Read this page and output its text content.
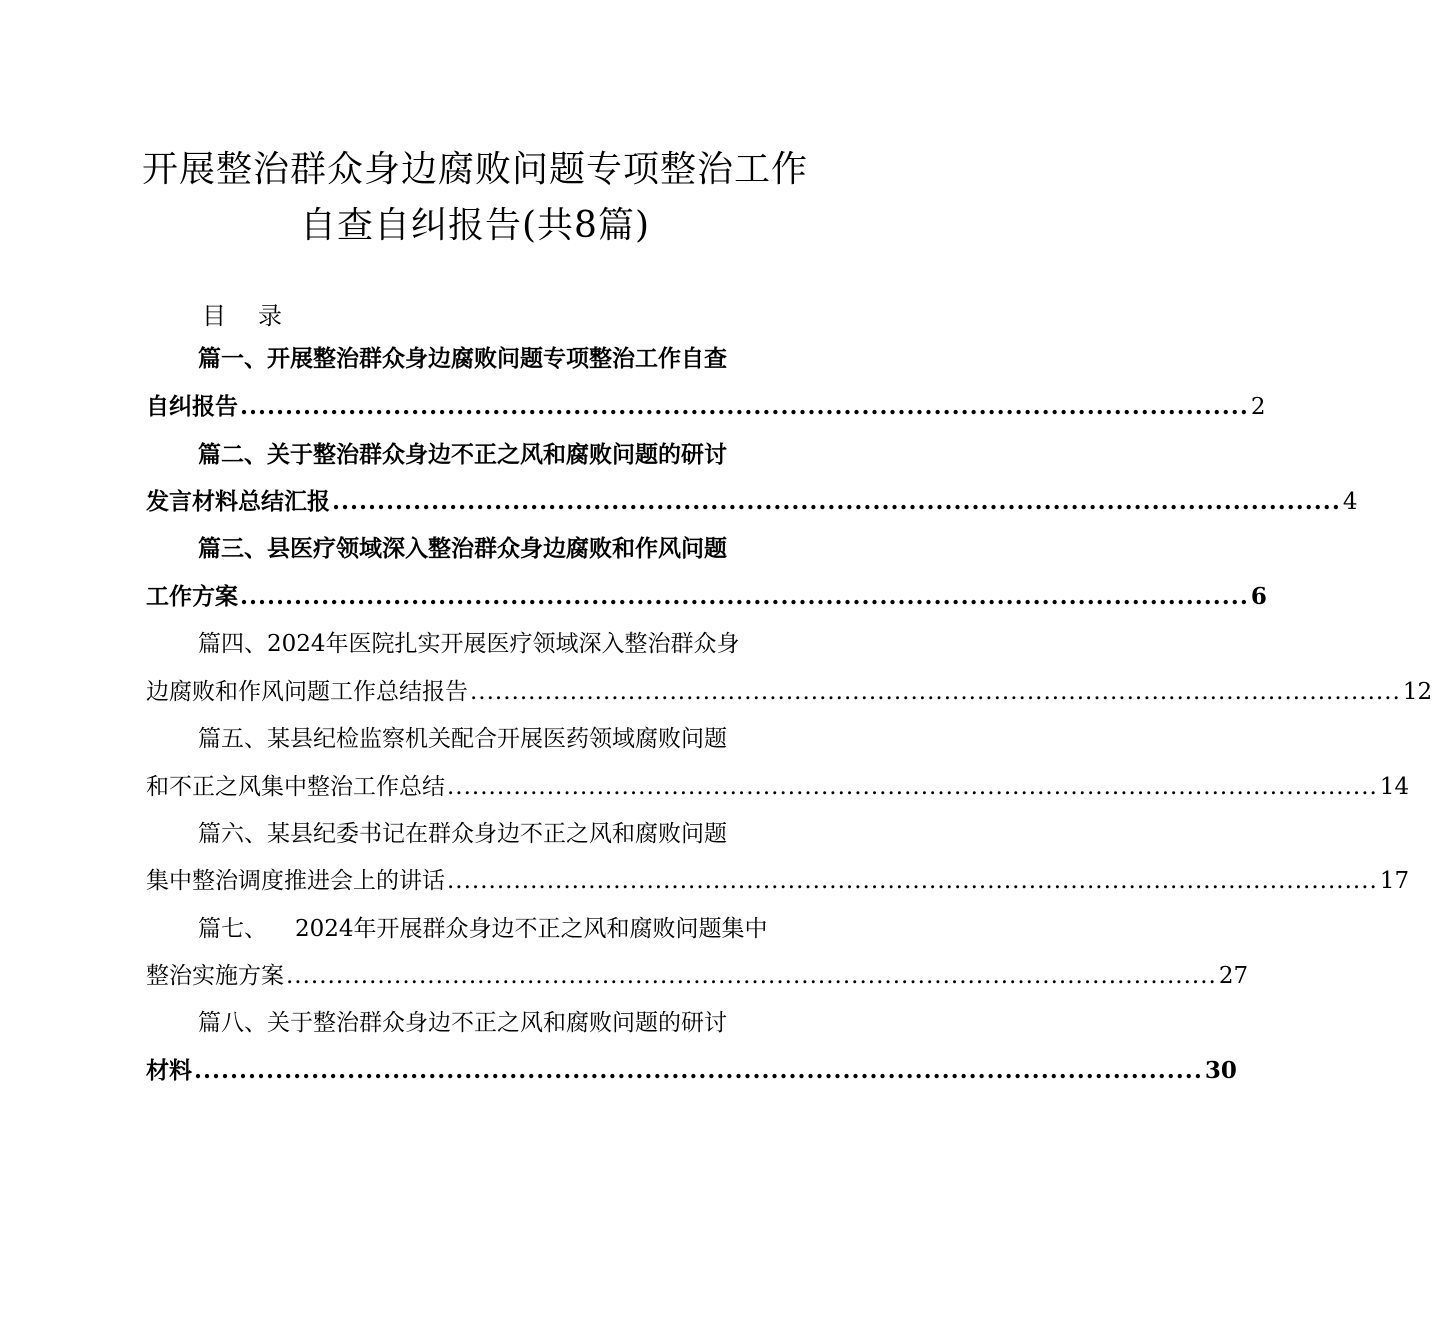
开展整治群众身边腐败问题专项整治工作
自查自纠报告(共8篇)
目 录
篇一、开展整治群众身边腐败问题专项整治工作自查
自纠报告 ................................................................................................................ 2
篇二、关于整治群众身边不正之风和腐败问题的研讨
发言材料总结汇报 ................................................................................................................ 4
篇三、县医疗领域深入整治群众身边腐败和作风问题
工作方案 ................................................................................................................ 6
篇四、2024年医院扎实开展医疗领域深入整治群众身
边腐败和作风问题工作总结报告 ................................................................................................................ 12
篇五、某县纪检监察机关配合开展医药领域腐败问题
和不正之风集中整治工作总结 ................................................................................................................ 14
篇六、某县纪委书记在群众身边不正之风和腐败问题
集中整治调度推进会上的讲话 ................................................................................................................ 17
篇七、 2024年开展群众身边不正之风和腐败问题集中
整治实施方案 ................................................................................................................ 27
篇八、关于整治群众身边不正之风和腐败问题的研讨
材料 ................................................................................................................ 30
